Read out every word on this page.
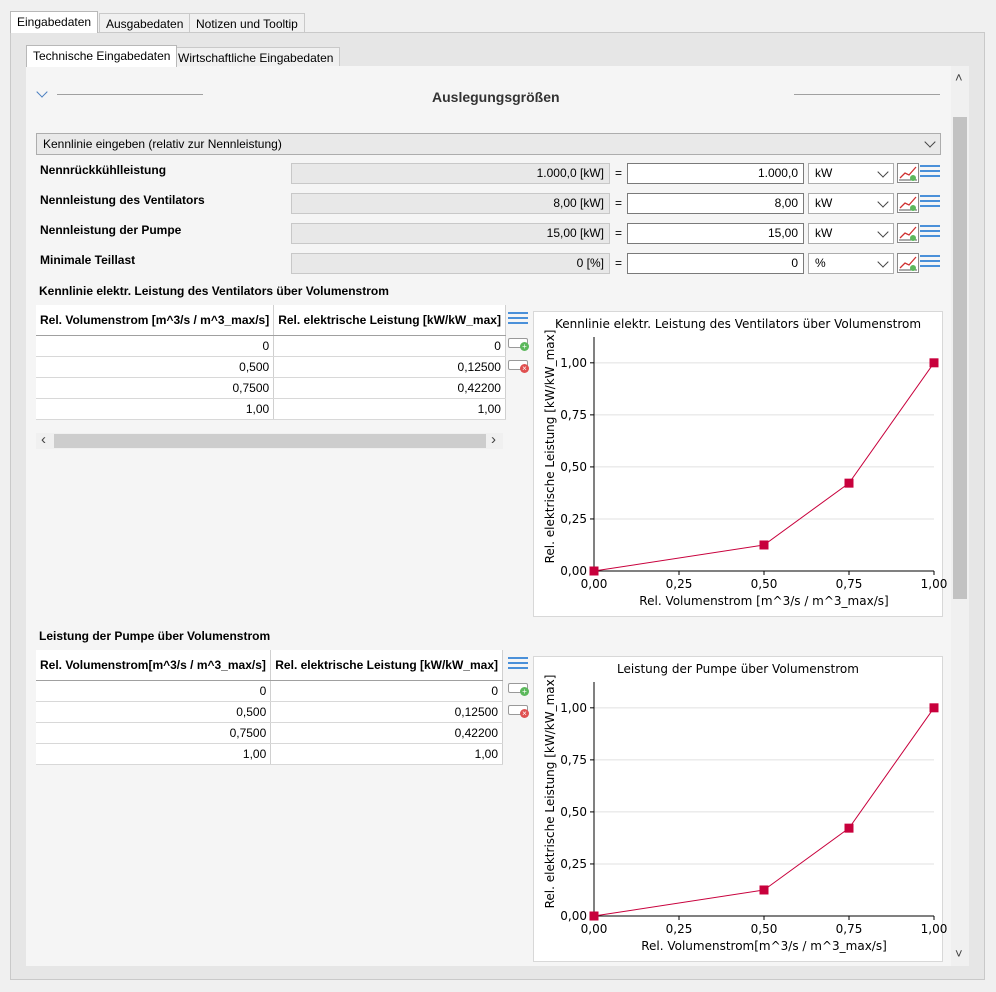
Eingabedaten	Ausgabedaten	Notizen und Tooltip
Technische Eingabedaten Wirtschaftliche Eingabedaten
Auslegungsgrößen
Kennlinie eingeben (relativ zur Nennleistung)
Nennrückkühlleistung	1.000,0 [kW] =	1.000,0	kW
Nennleistung des Ventilators	8,00 [kW] =	8,00	kW
Nennleistung der Pumpe	15,00 [kW] =	15,00	kW
Minimale Teillast	0 [%] =	0	%
Kennlinie elektr. Leistung des Ventilators über Volumenstrom
Rel. Volumenstrom [m^3/s / m^3_max/s]	Rel. elektrische Leistung [kW/kW_max]
0	0
0,500	0,12500
0,7500	0,42200
1,00	1,00
+
×
‹	›
0,00
0,25
0,50
0,75
1,00
0,00	0,25	0,50	0,75	1,00
Kennlinie elektr. Leistung des Ventilators über Volumenstrom
Rel. Volumenstrom [m^3/s / m^3_max/s]
Rel. elektrische Leistung [kW/kW_max]
Leistung der Pumpe über Volumenstrom
Rel. Volumenstrom[m^3/s / m^3_max/s]	Rel. elektrische Leistung [kW/kW_max]
0	0
0,500	0,12500
0,7500	0,42200
1,00	1,00
+
×
0,00
0,25
0,50
0,75
1,00
0,00	0,25	0,50	0,75	1,00
Leistung der Pumpe über Volumenstrom
Rel. Volumenstrom[m^3/s / m^3_max/s]
Rel. elektrische Leistung [kW/kW_max]
˄
˅
